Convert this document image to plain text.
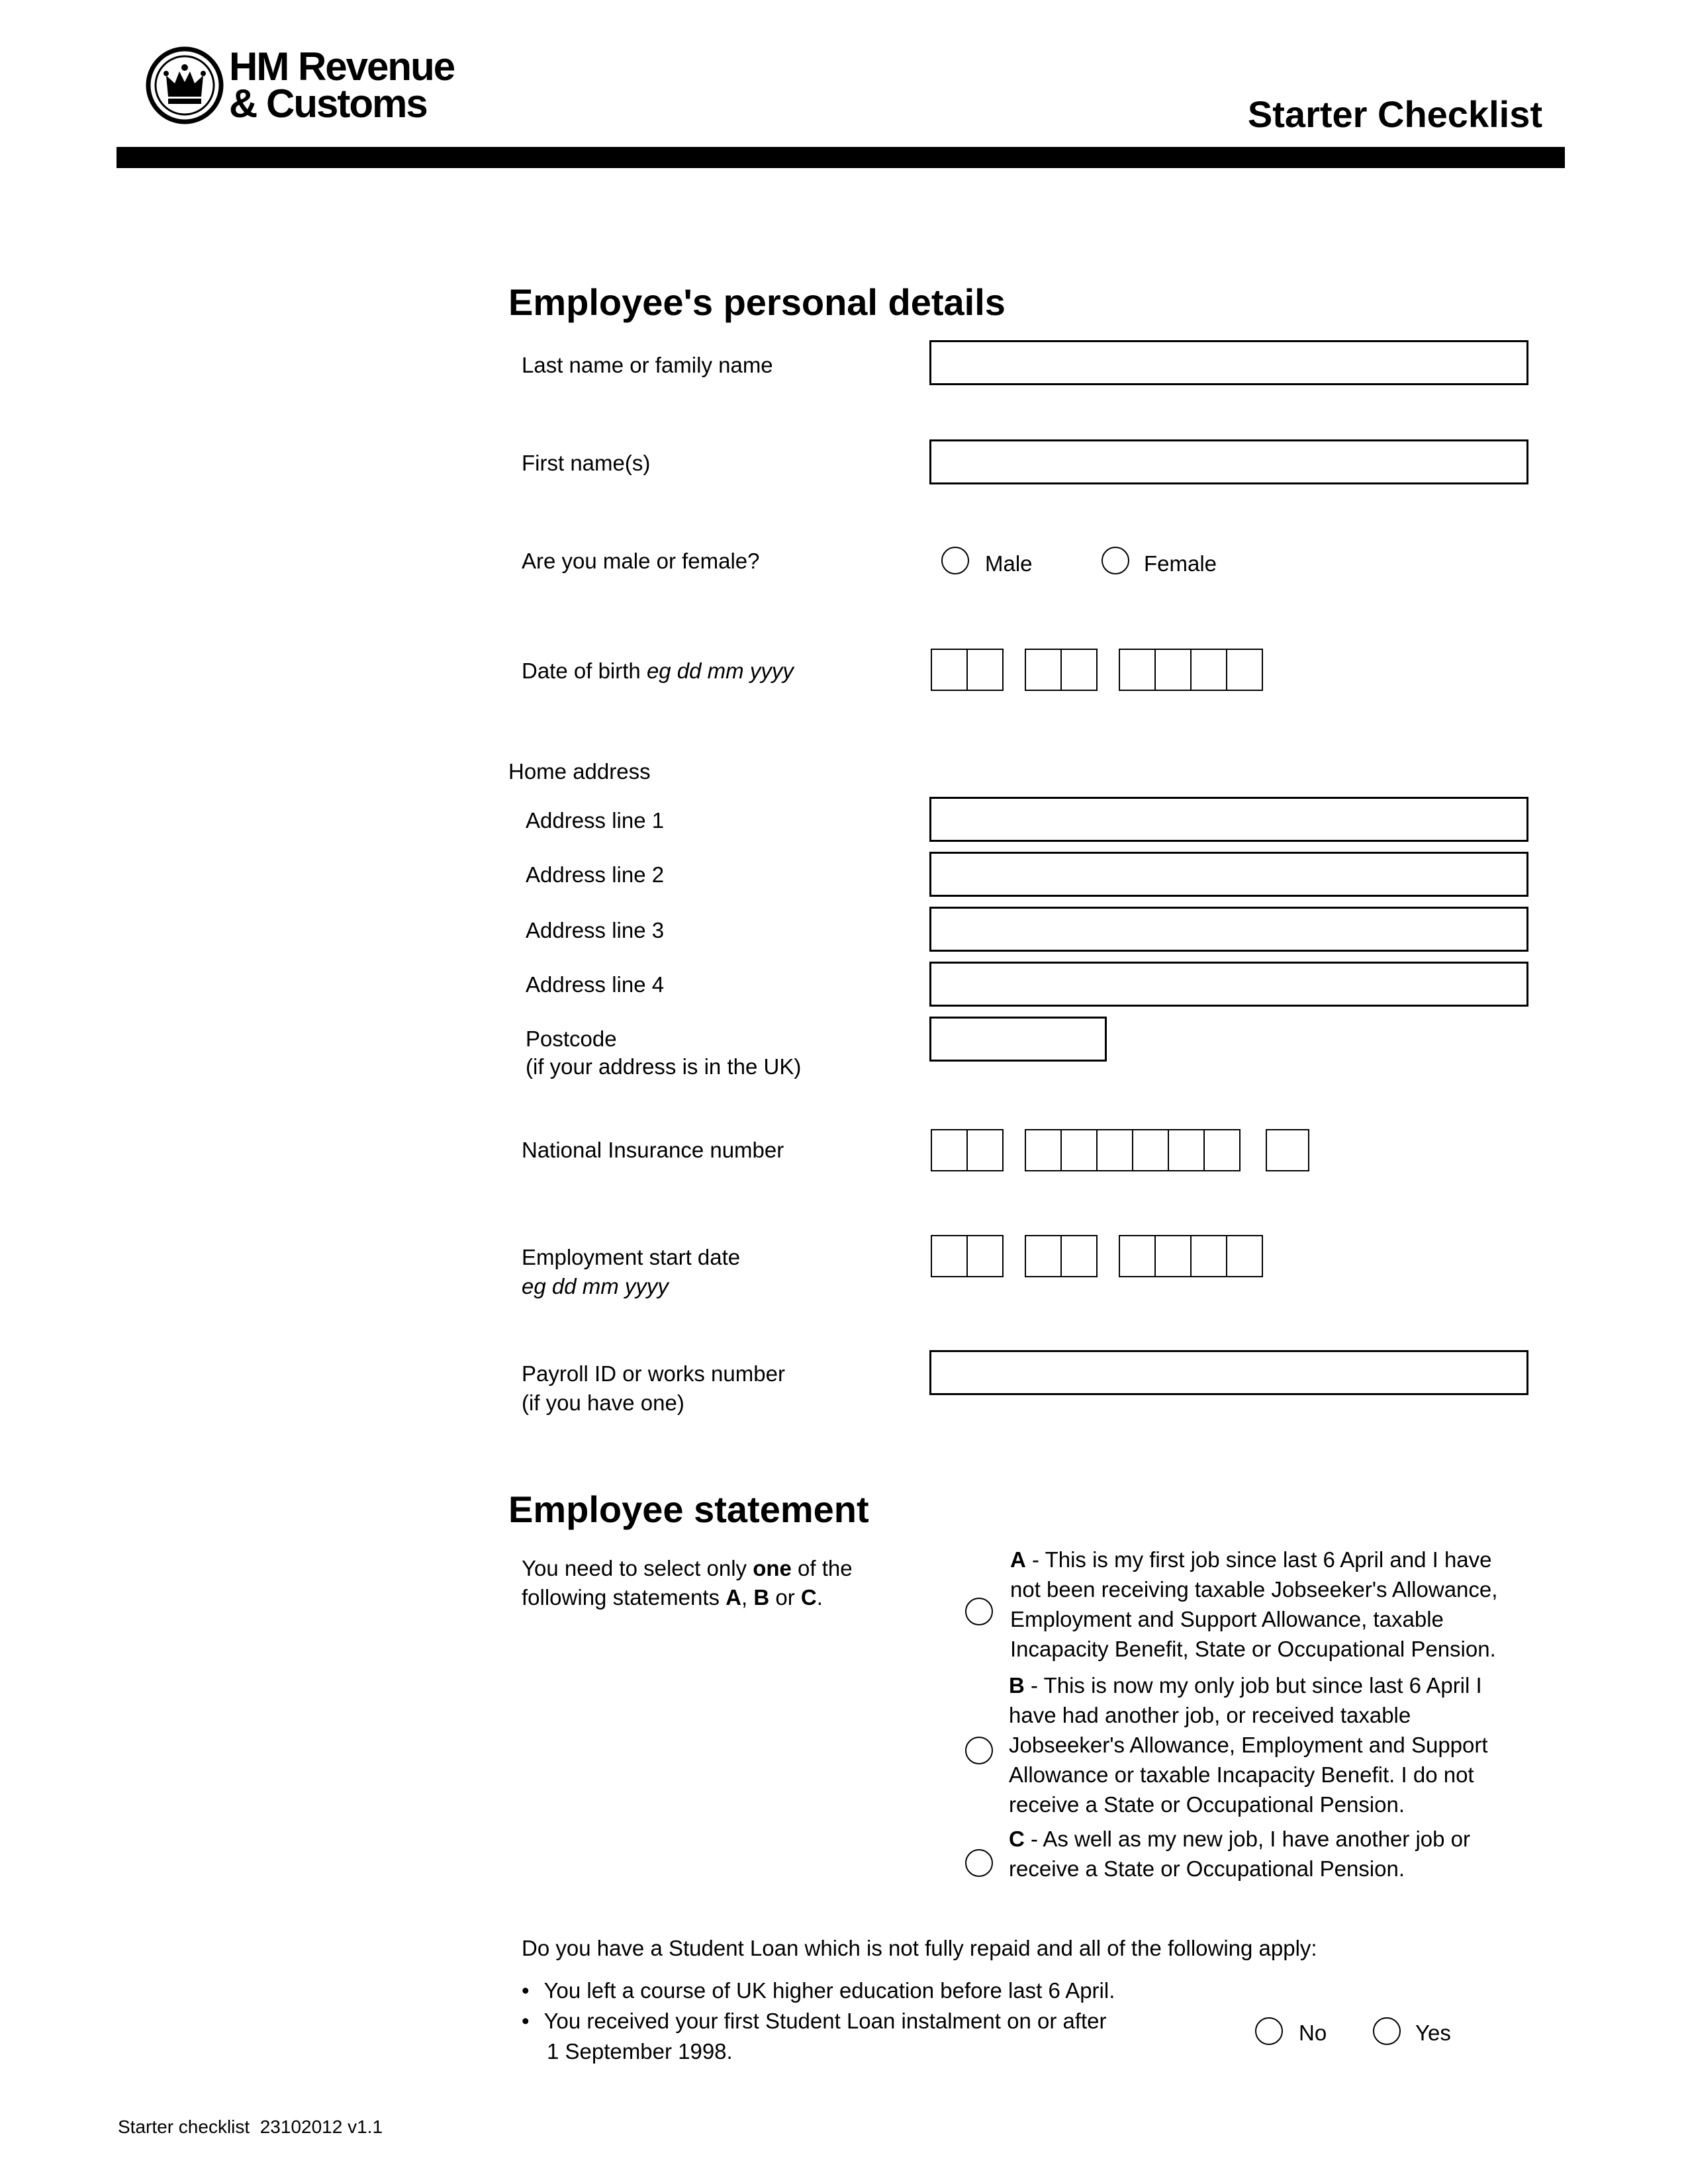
HM Revenue
& Customs	Starter Checklist
Employee's personal details
Last name or family name
First name(s)
Are you male or female?	Male	Female
Date of birth eg dd mm yyyy
Home address
Address line 1
Address line 2
Address line 3
Address line 4
Postcode
(if your address is in the UK)
National Insurance number
Employment start date
eg dd mm yyyy
Payroll ID or works number
(if you have one)
Employee statement
You need to select only one of the
following statements A, B or C.
A - This is my first job since last 6 April and I have
not been receiving taxable Jobseeker's Allowance,
Employment and Support Allowance, taxable
Incapacity Benefit, State or Occupational Pension.
B - This is now my only job but since last 6 April I
have had another job, or received taxable
Jobseeker's Allowance, Employment and Support
Allowance or taxable Incapacity Benefit. I do not
receive a State or Occupational Pension.
C - As well as my new job, I have another job or
receive a State or Occupational Pension.
Do you have a Student Loan which is not fully repaid and all of the following apply:
• You left a course of UK higher education before last 6 April.
• You received your first Student Loan instalment on or after
1 September 1998.
No	Yes
Starter checklist  23102012 v1.1
